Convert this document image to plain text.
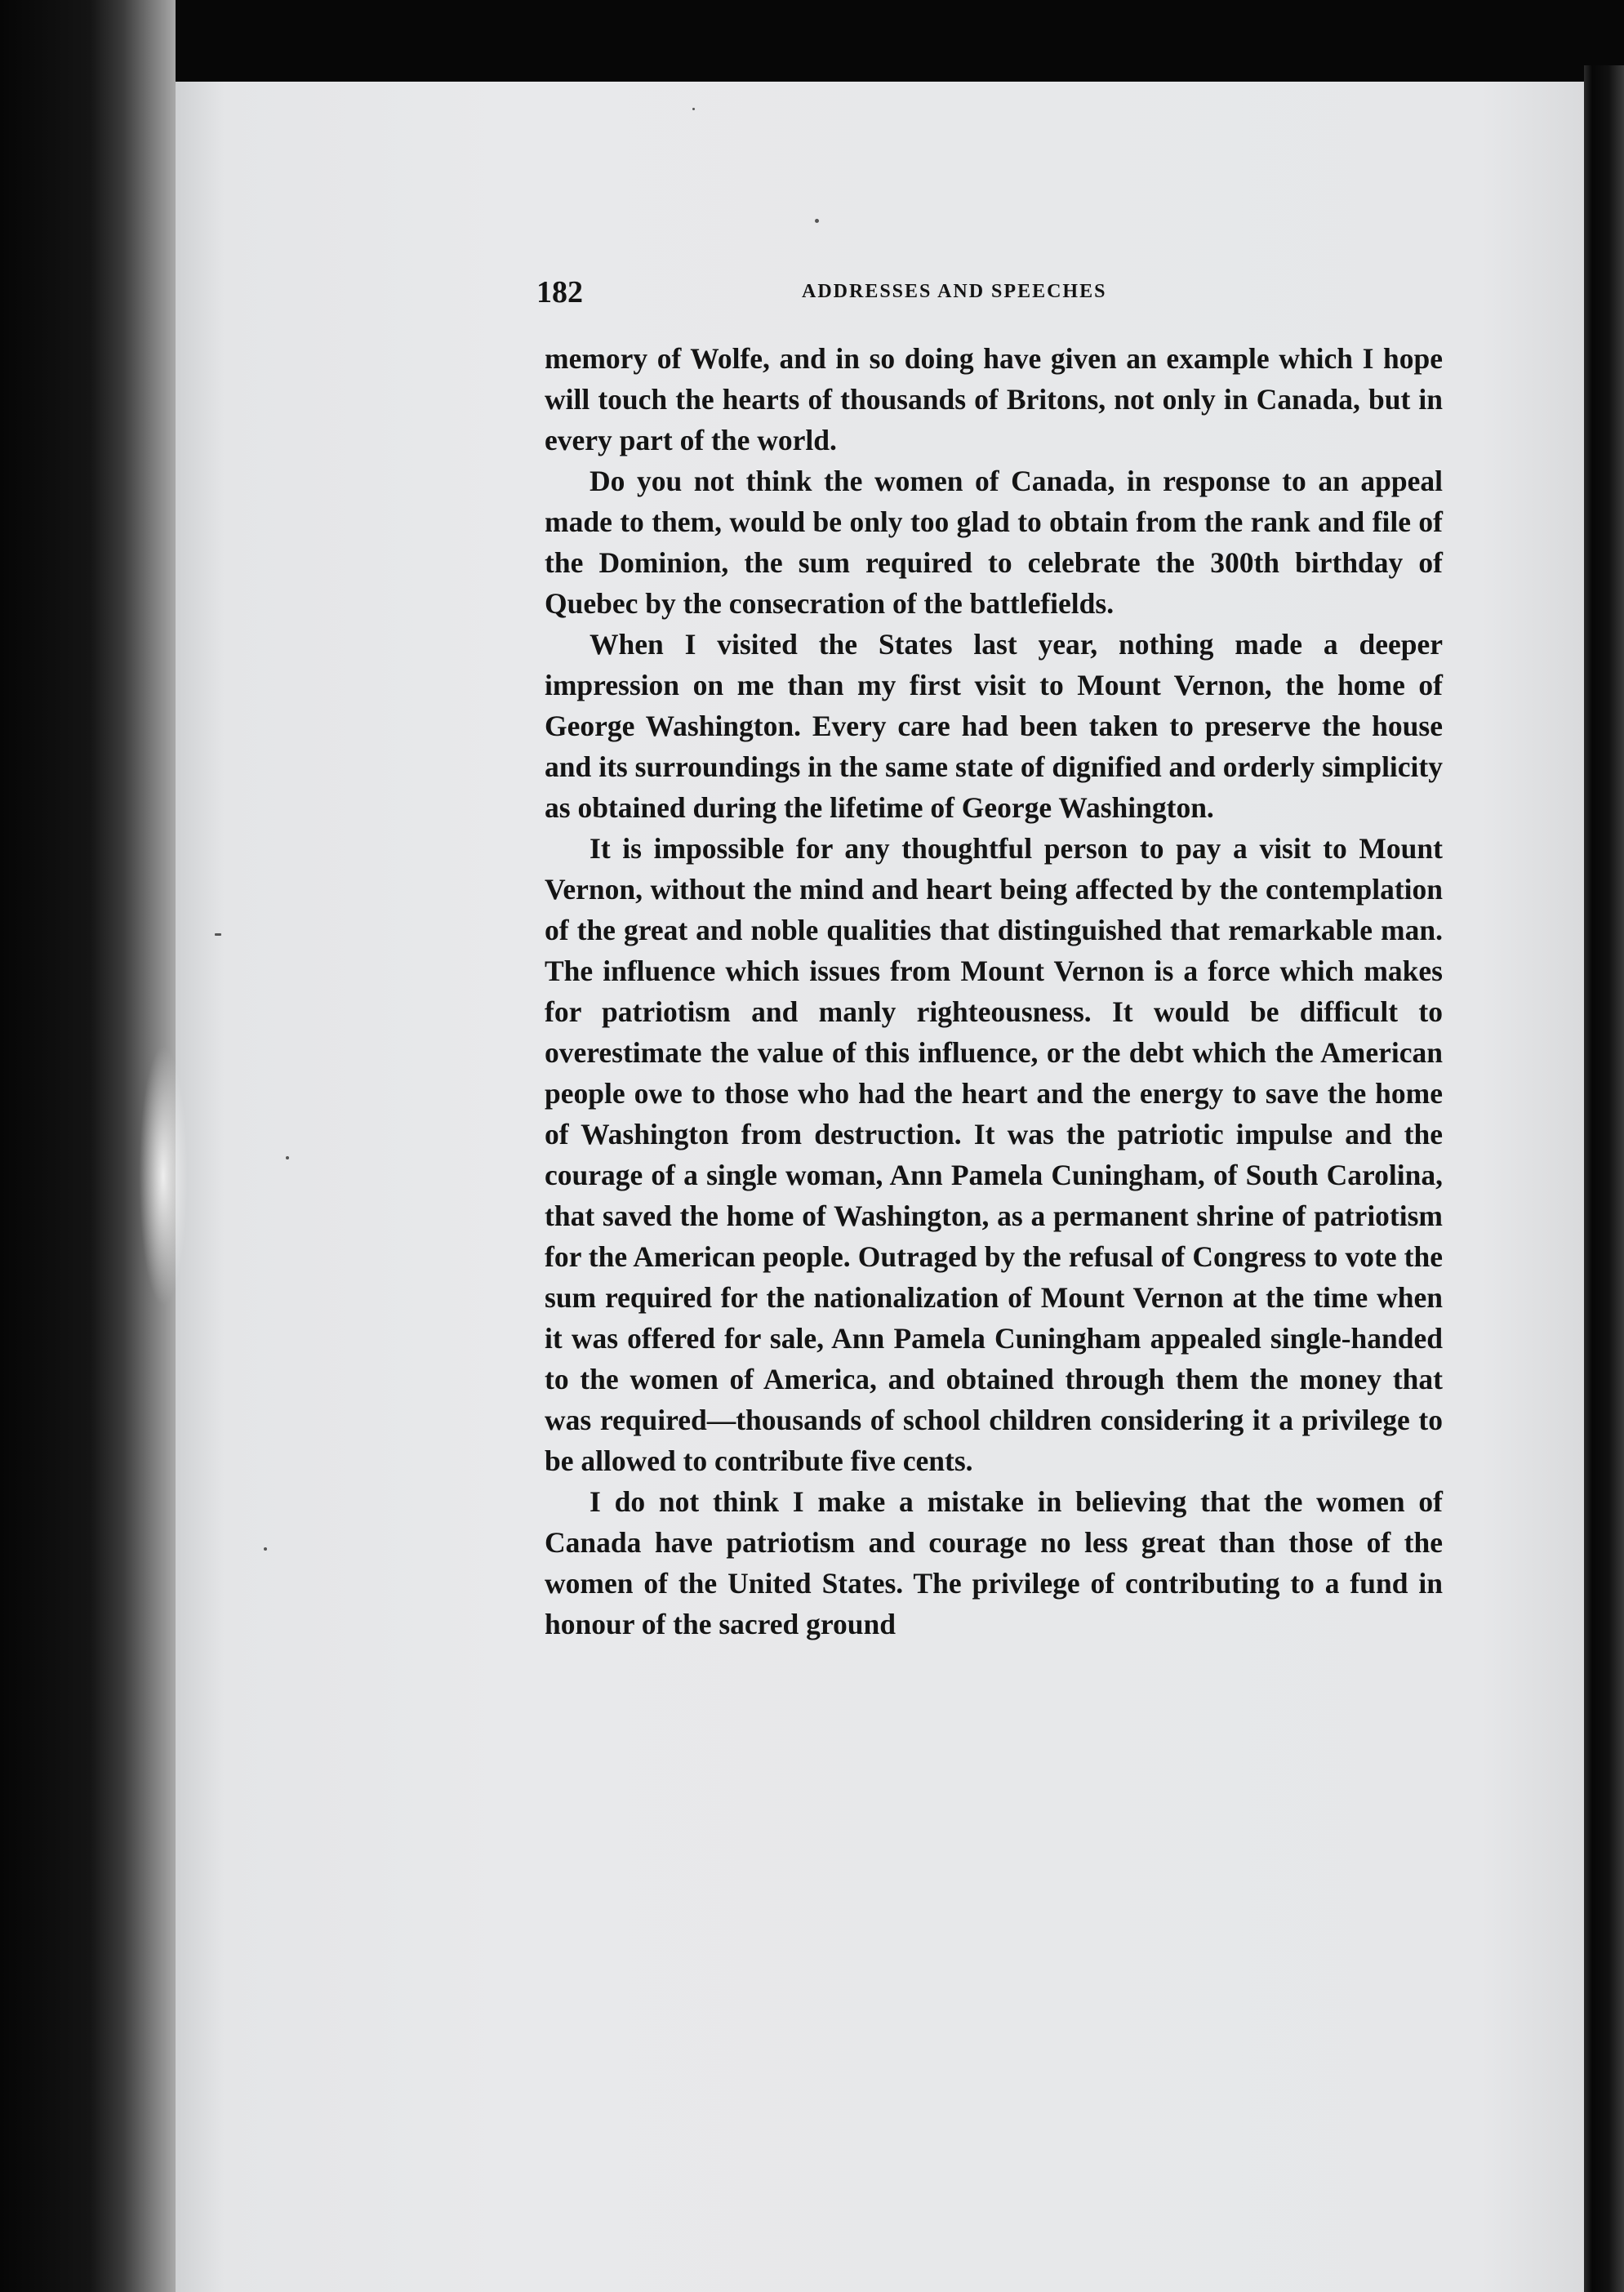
182	ADDRESSES AND SPEECHES

memory of Wolfe, and in so doing have given an example which I hope will touch the hearts of thousands of Britons, not only in Canada, but in every part of the world.

Do you not think the women of Canada, in response to an appeal made to them, would be only too glad to obtain from the rank and file of the Dominion, the sum required to celebrate the 300th birthday of Quebec by the consecration of the battlefields.

When I visited the States last year, nothing made a deeper impression on me than my first visit to Mount Vernon, the home of George Washington. Every care had been taken to preserve the house and its surroundings in the same state of dignified and orderly simplicity as obtained during the lifetime of George Washington.

It is impossible for any thoughtful person to pay a visit to Mount Vernon, without the mind and heart being affected by the contemplation of the great and noble qualities that distinguished that remarkable man. The influence which issues from Mount Vernon is a force which makes for patriotism and manly righteousness. It would be difficult to overestimate the value of this influence, or the debt which the American people owe to those who had the heart and the energy to save the home of Washington from destruction. It was the patriotic impulse and the courage of a single woman, Ann Pamela Cuningham, of South Carolina, that saved the home of Washington, as a permanent shrine of patriotism for the American people. Outraged by the refusal of Congress to vote the sum required for the nationalization of Mount Vernon at the time when it was offered for sale, Ann Pamela Cuningham appealed single-handed to the women of America, and obtained through them the money that was required—thousands of school children considering it a privilege to be allowed to contribute five cents.

I do not think I make a mistake in believing that the women of Canada have patriotism and courage no less great than those of the women of the United States. The privilege of contributing to a fund in honour of the sacred ground
